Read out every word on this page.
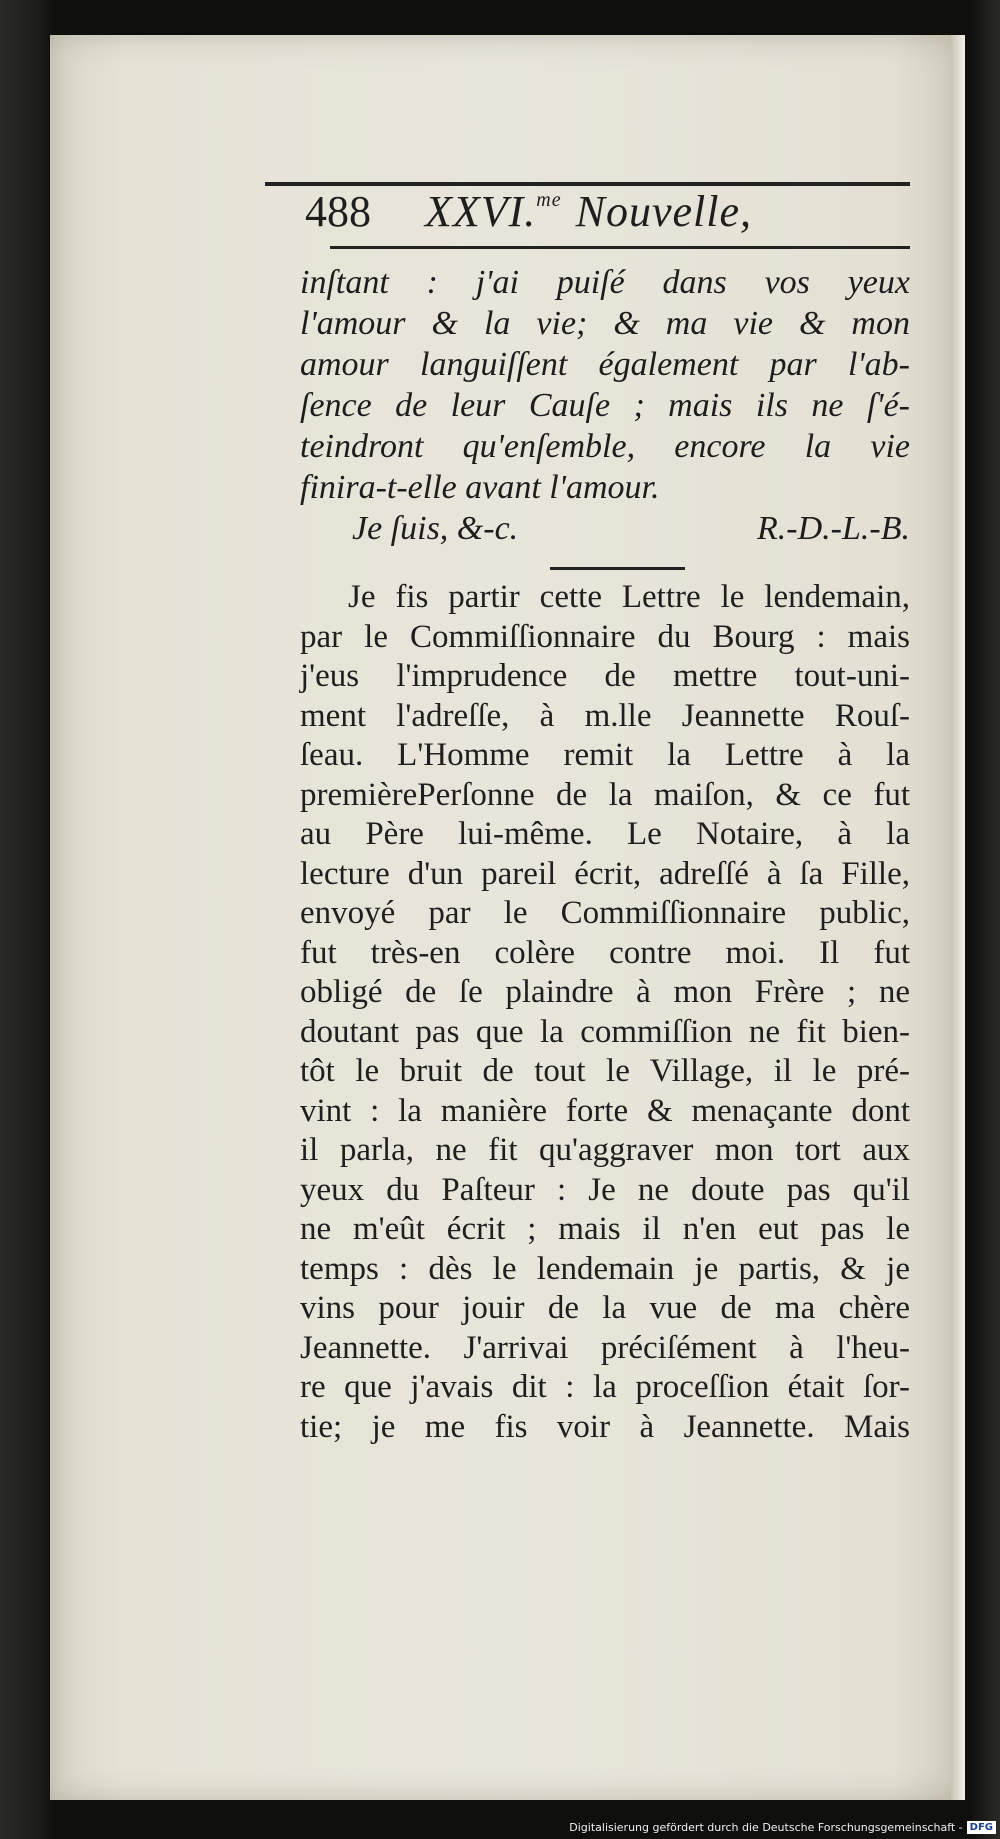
488 XXVI.$^{me}$ Nouvelle,
inſtant : j'ai puiſé dans vos yeux
l'amour & la vie; & ma vie & mon
amour languiſſent également par l'ab-
ſence de leur Cauſe ; mais ils ne ſ'é-
teindront qu'enſemble, encore la vie
finira-t-elle avant l'amour.
Je ſuis, &-c.	R.-D.-L.-B.
Je fis partir cette Lettre le lendemain,
par le Commiſſionnaire du Bourg : mais
j'eus l'imprudence de mettre tout-uni-
ment l'adreſſe, à m.lle Jeannette Rouſ-
ſeau. L'Homme remit la Lettre à la
premièrePerſonne de la maiſon, & ce fut
au Père lui-même. Le Notaire, à la
lecture d'un pareil écrit, adreſſé à ſa Fille,
envoyé par le Commiſſionnaire public,
fut très-en colère contre moi. Il fut
obligé de ſe plaindre à mon Frère ; ne
doutant pas que la commiſſion ne fit bien-
tôt le bruit de tout le Village, il le pré-
vint : la manière forte & menaçante dont
il parla, ne fit qu'aggraver mon tort aux
yeux du Paſteur : Je ne doute pas qu'il
ne m'eût écrit ; mais il n'en eut pas le
temps : dès le lendemain je partis, & je
vins pour jouir de la vue de ma chère
Jeannette. J'arrivai préciſément à l'heu-
re que j'avais dit : la proceſſion était ſor-
tie; je me fis voir à Jeannette. Mais
Digitalisierung gefördert durch die Deutsche Forschungsgemeinschaft - DFG
